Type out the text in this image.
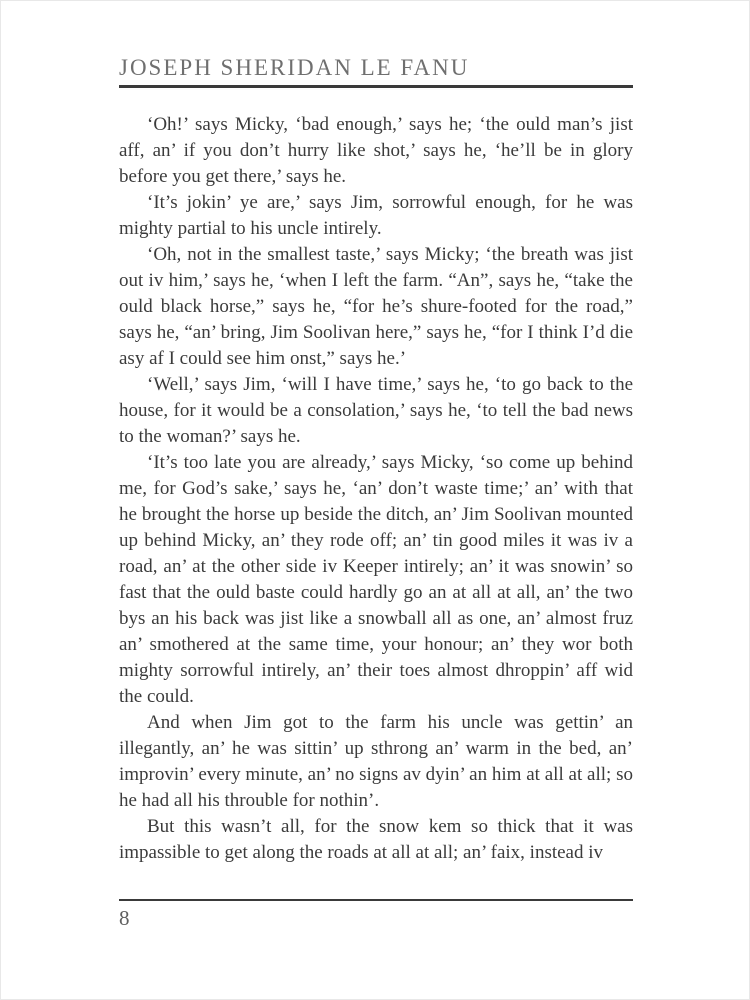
JOSEPH SHERIDAN LE FANU

‘Oh!’ says Micky, ‘bad enough,’ says he; ‘the ould man’s jist aff, an’ if you don’t hurry like shot,’ says he, ‘he’ll be in glory before you get there,’ says he.

‘It’s jokin’ ye are,’ says Jim, sorrowful enough, for he was mighty partial to his uncle intirely.

‘Oh, not in the smallest taste,’ says Micky; ‘the breath was jist out iv him,’ says he, ‘when I left the farm. “An”, says he, “take the ould black horse,” says he, “for he’s shure-footed for the road,” says he, “an’ bring, Jim Soolivan here,” says he, “for I think I’d die asy af I could see him onst,” says he.’

‘Well,’ says Jim, ‘will I have time,’ says he, ‘to go back to the house, for it would be a consolation,’ says he, ‘to tell the bad news to the woman?’ says he.

‘It’s too late you are already,’ says Micky, ‘so come up behind me, for God’s sake,’ says he, ‘an’ don’t waste time;’ an’ with that he brought the horse up beside the ditch, an’ Jim Soolivan mounted up behind Micky, an’ they rode off; an’ tin good miles it was iv a road, an’ at the other side iv Keeper intirely; an’ it was snowin’ so fast that the ould baste could hardly go an at all at all, an’ the two bys an his back was jist like a snowball all as one, an’ almost fruz an’ smothered at the same time, your honour; an’ they wor both mighty sorrowful intirely, an’ their toes almost dhroppin’ aff wid the could.

And when Jim got to the farm his uncle was gettin’ an illegantly, an’ he was sittin’ up sthrong an’ warm in the bed, an’ improvin’ every minute, an’ no signs av dyin’ an him at all at all; so he had all his throuble for nothin’.

But this wasn’t all, for the snow kem so thick that it was impassible to get along the roads at all at all; an’ faix, instead iv

8
